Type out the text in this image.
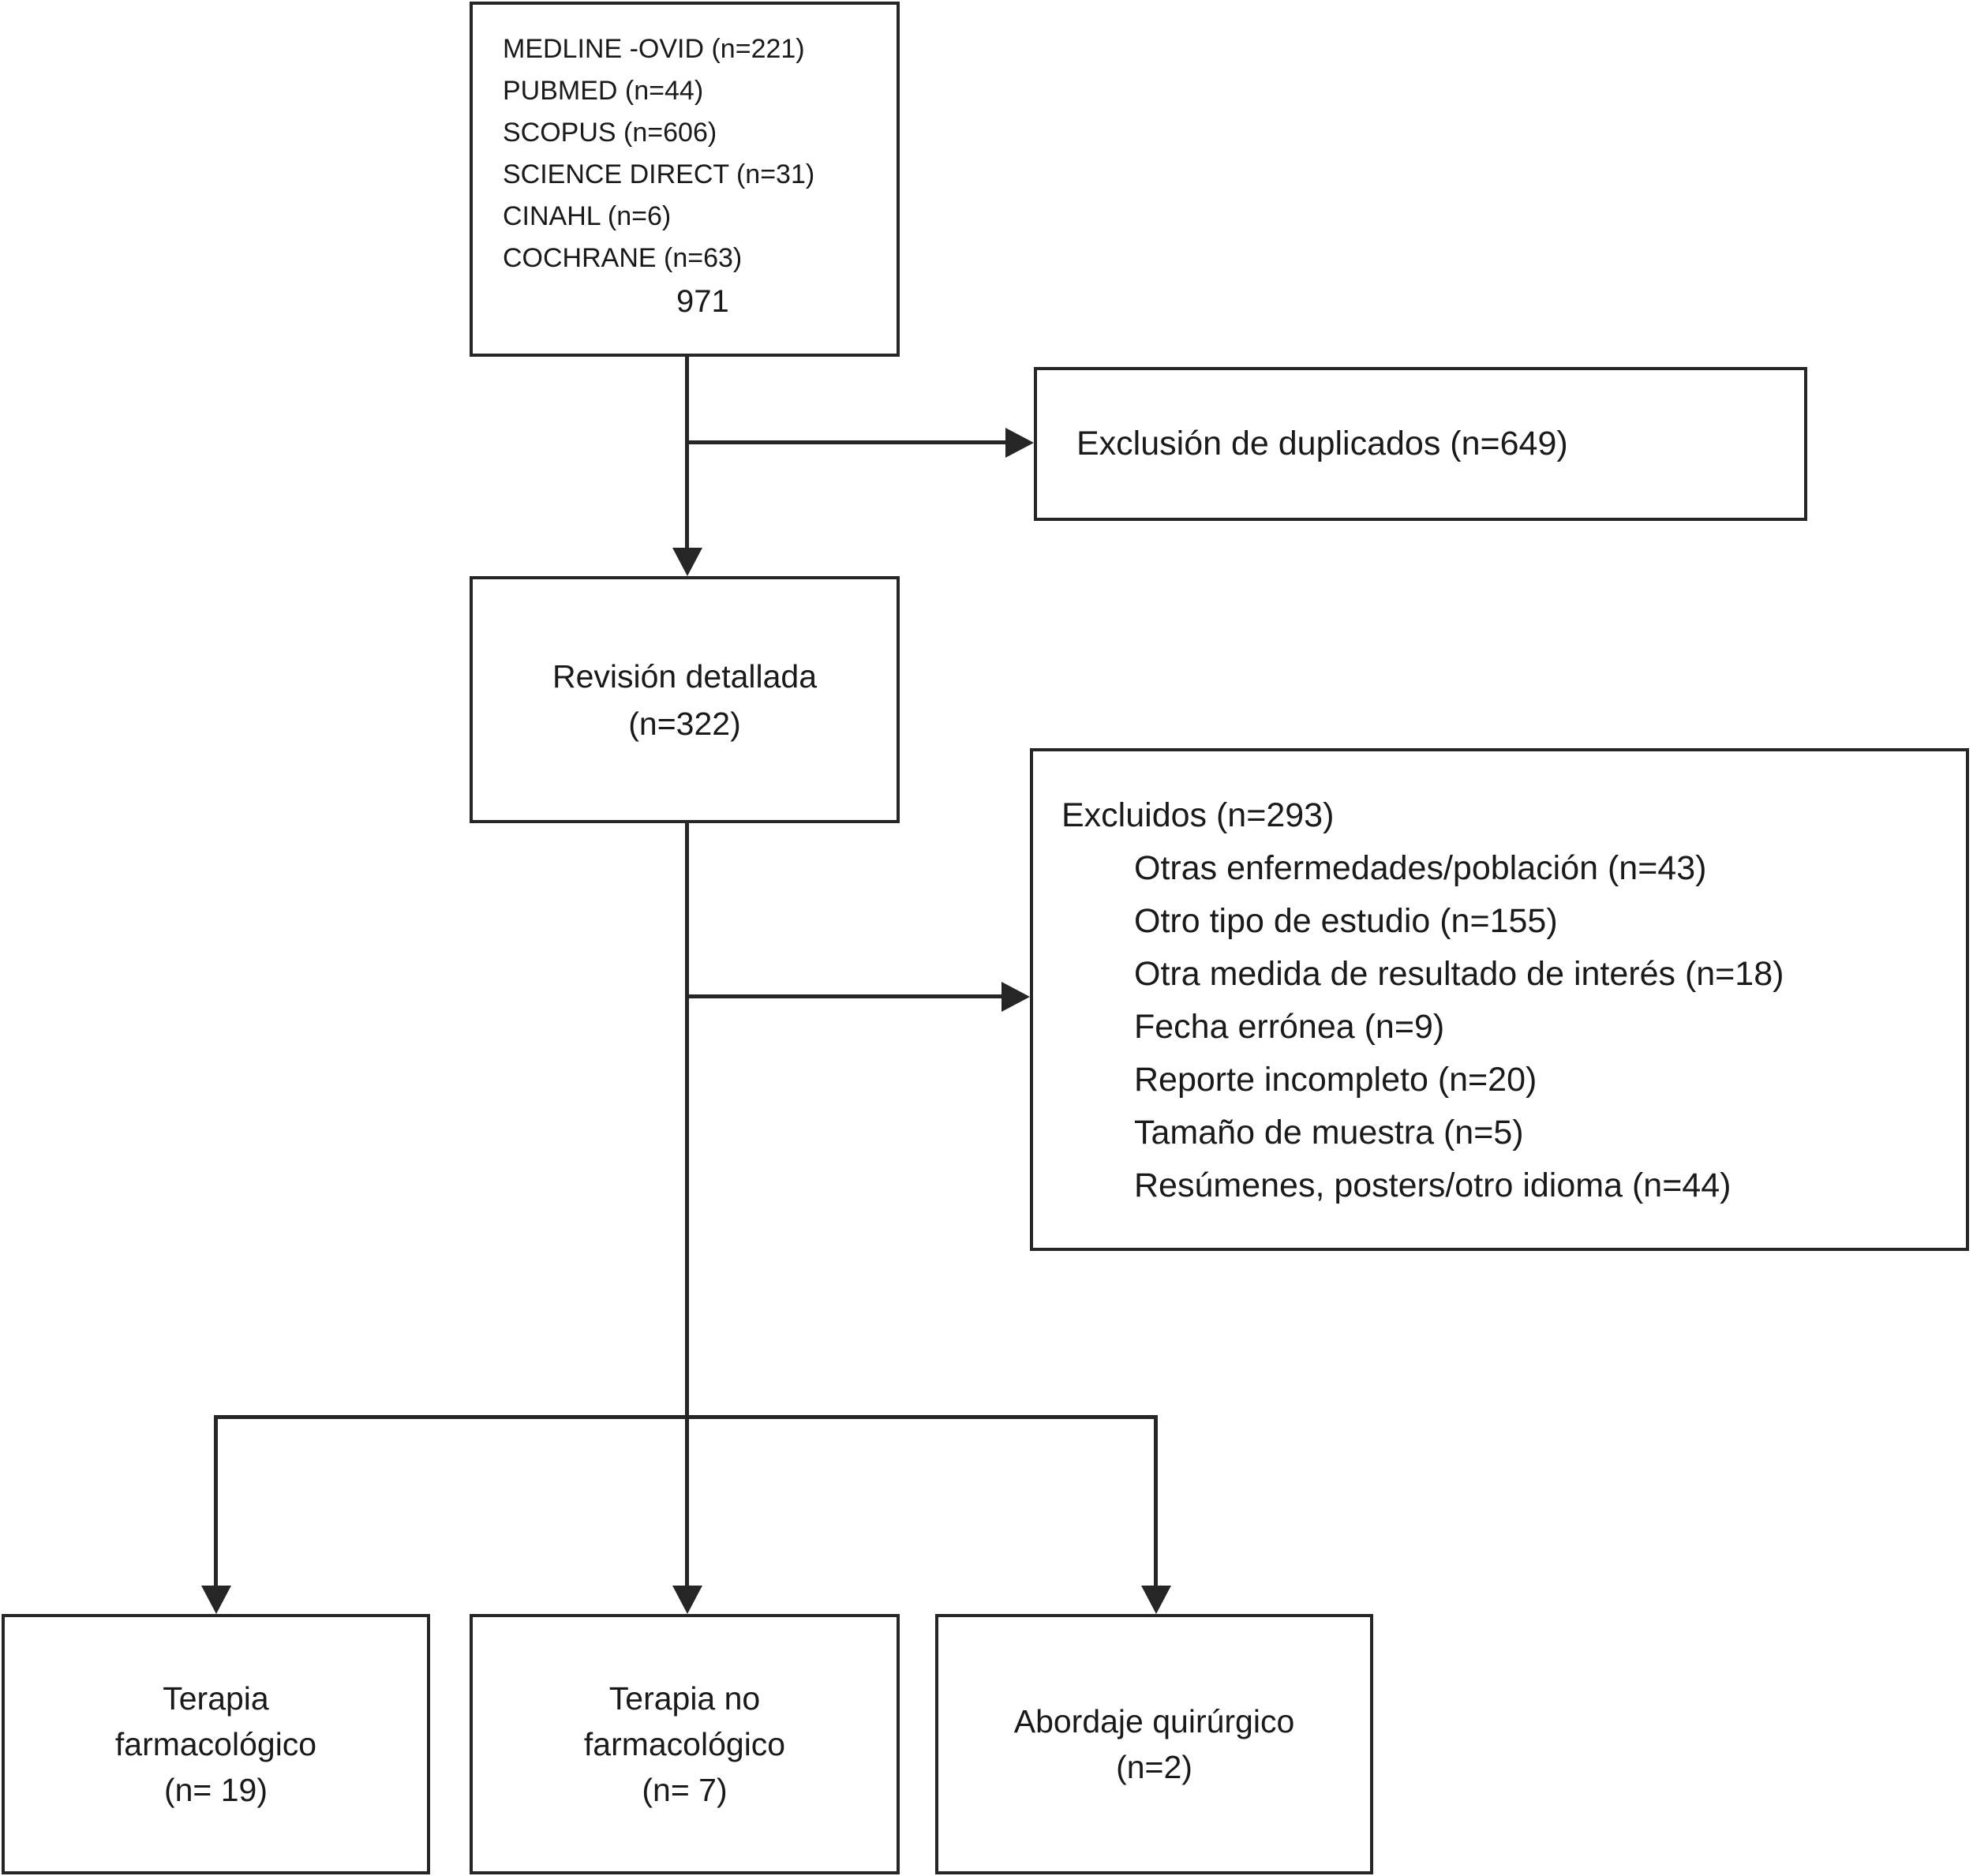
MEDLINE -OVID (n=221)
PUBMED (n=44)
SCOPUS (n=606)
SCIENCE DIRECT (n=31)
CINAHL (n=6)
COCHRANE (n=63)
971
Exclusión de duplicados (n=649)
Revisión detallada
(n=322)
Excluidos (n=293)
Otras enfermedades/población (n=43)
Otro tipo de estudio (n=155)
Otra medida de resultado de interés (n=18)
Fecha errónea (n=9)
Reporte incompleto (n=20)
Tamaño de muestra (n=5)
Resúmenes, posters/otro idioma (n=44)
Terapia
farmacológico
(n= 19)
Terapia no
farmacológico
(n= 7)
Abordaje quirúrgico
(n=2)
